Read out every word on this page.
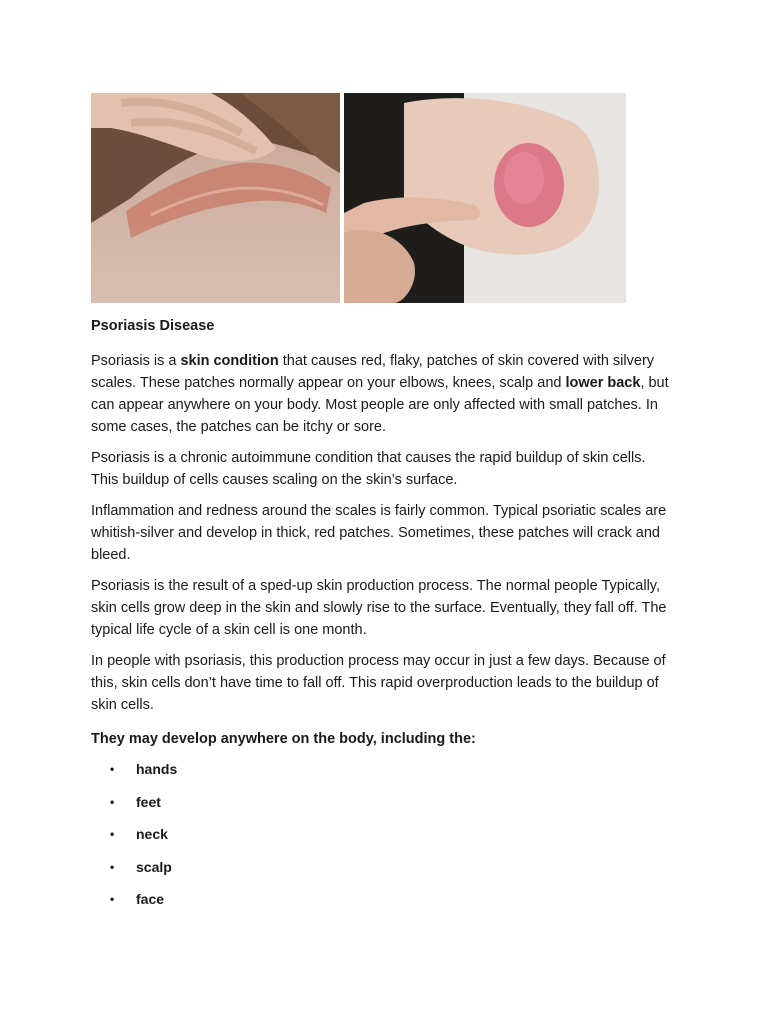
Psoriasis Disease

Psoriasis is a skin condition that causes red, flaky, patches of skin covered with silvery scales. These patches normally appear on your elbows, knees, scalp and lower back, but can appear anywhere on your body. Most people are only affected with small patches. In some cases, the patches can be itchy or sore.

Psoriasis is a chronic autoimmune condition that causes the rapid buildup of skin cells. This buildup of cells causes scaling on the skin’s surface.

Inflammation and redness around the scales is fairly common. Typical psoriatic scales are whitish-silver and develop in thick, red patches. Sometimes, these patches will crack and bleed.

Psoriasis is the result of a sped-up skin production process. The normal people Typically, skin cells grow deep in the skin and slowly rise to the surface. Eventually, they fall off. The typical life cycle of a skin cell is one month.

In people with psoriasis, this production process may occur in just a few days. Because of this, skin cells don’t have time to fall off. This rapid overproduction leads to the buildup of skin cells.

They may develop anywhere on the body, including the:
• hands
• feet
• neck
• scalp
• face
